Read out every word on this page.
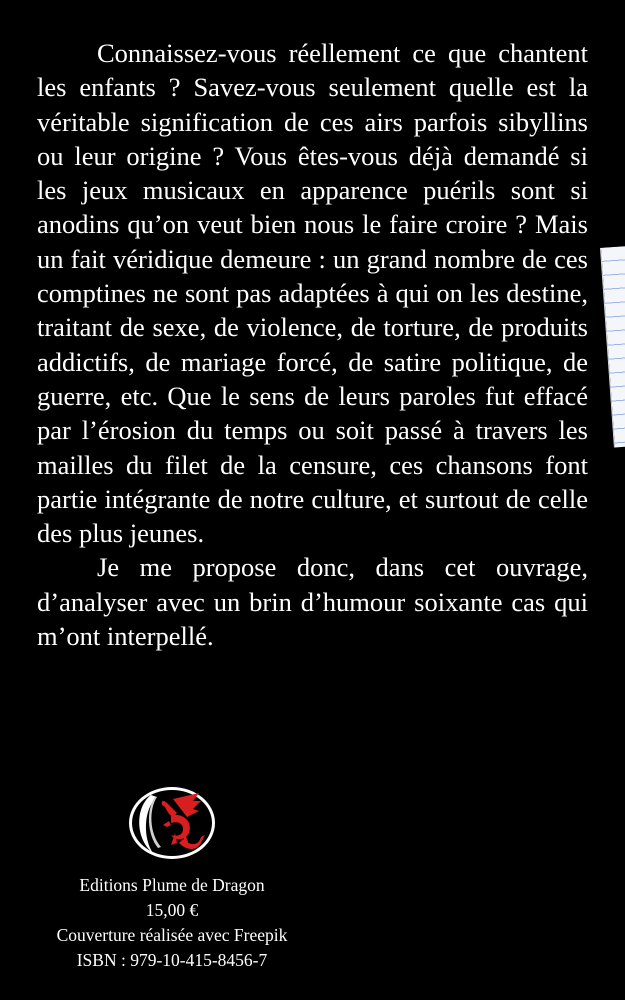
Connaissez-vous réellement ce que chantent les enfants ? Savez-vous seulement quelle est la véritable signification de ces airs parfois sibyllins ou leur origine ? Vous êtes-vous déjà demandé si les jeux musicaux en apparence puérils sont si anodins qu’on veut bien nous le faire croire ? Mais un fait véridique demeure : un grand nombre de ces comptines ne sont pas adaptées à qui on les destine, traitant de sexe, de violence, de torture, de produits addictifs, de mariage forcé, de satire politique, de guerre, etc. Que le sens de leurs paroles fut effacé par l’érosion du temps ou soit passé à travers les mailles du filet de la censure, ces chansons font partie intégrante de notre culture, et surtout de celle des plus jeunes.

Je me propose donc, dans cet ouvrage, d’analyser avec un brin d’humour soixante cas qui m’ont interpellé.

Editions Plume de Dragon
15,00 €
Couverture réalisée avec Freepik
ISBN : 979-10-415-8456-7
